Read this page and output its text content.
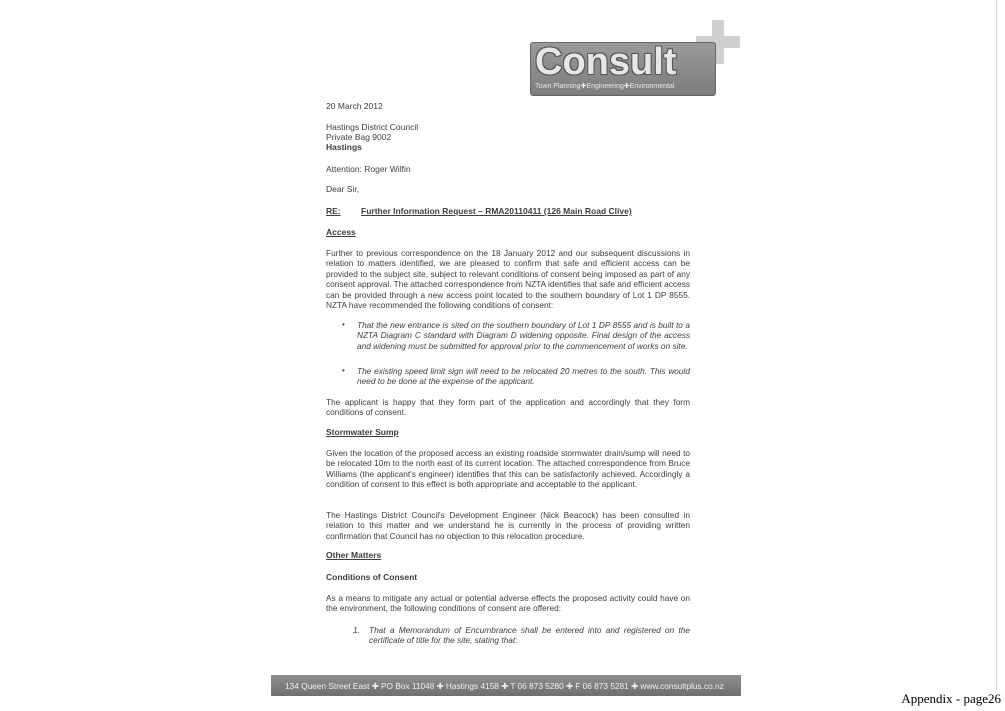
Consult
Town Planning✚Engineering✚Environmental
20 March 2012
Hastings District Council
Private Bag 9002
Hastings
Attention: Roger Wilfin
Dear Sir,
RE: Further Information Request – RMA20110411 (126 Main Road Clive)
Access
Further to previous correspondence on the 18 January 2012 and our subsequent discussions in relation to matters identified, we are pleased to confirm that safe and efficient access can be provided to the subject site, subject to relevant conditions of consent being imposed as part of any consent approval. The attached correspondence from NZTA identifies that safe and efficient access can be provided through a new access point located to the southern boundary of Lot 1 DP 8555. NZTA have recommended the following conditions of consent:
•	That the new entrance is sited on the southern boundary of Lot 1 DP 8555 and is built to a NZTA Diagram C standard with Diagram D widening opposite. Final design of the access and widening must be submitted for approval prior to the commencement of works on site.
•	The existing speed limit sign will need to be relocated 20 metres to the south. This would need to be done at the expense of the applicant.
The applicant is happy that they form part of the application and accordingly that they form conditions of consent.
Stormwater Sump
Given the location of the proposed access an existing roadside stormwater drain/sump will need to be relocated 10m to the north east of its current location. The attached correspondence from Bruce Williams (the applicant's engineer) identifies that this can be satisfactorily achieved. Accordingly a condition of consent to this effect is both appropriate and acceptable to the applicant.
The Hastings District Council's Development Engineer (Nick Beacock) has been consulted in relation to this matter and we understand he is currently in the process of providing written confirmation that Council has no objection to this relocation procedure.
Other Matters
Conditions of Consent
As a means to mitigate any actual or potential adverse effects the proposed activity could have on the environment, the following conditions of consent are offered:
1. That a Memorandum of Encumbrance shall be entered into and registered on the certificate of title for the site, stating that:
134 Queen Street East ✚ PO Box 11048 ✚ Hastings 4158 ✚ T 06 873 5280 ✚ F 06 873 5281 ✚ www.consultplus.co.nz
Appendix - page26
